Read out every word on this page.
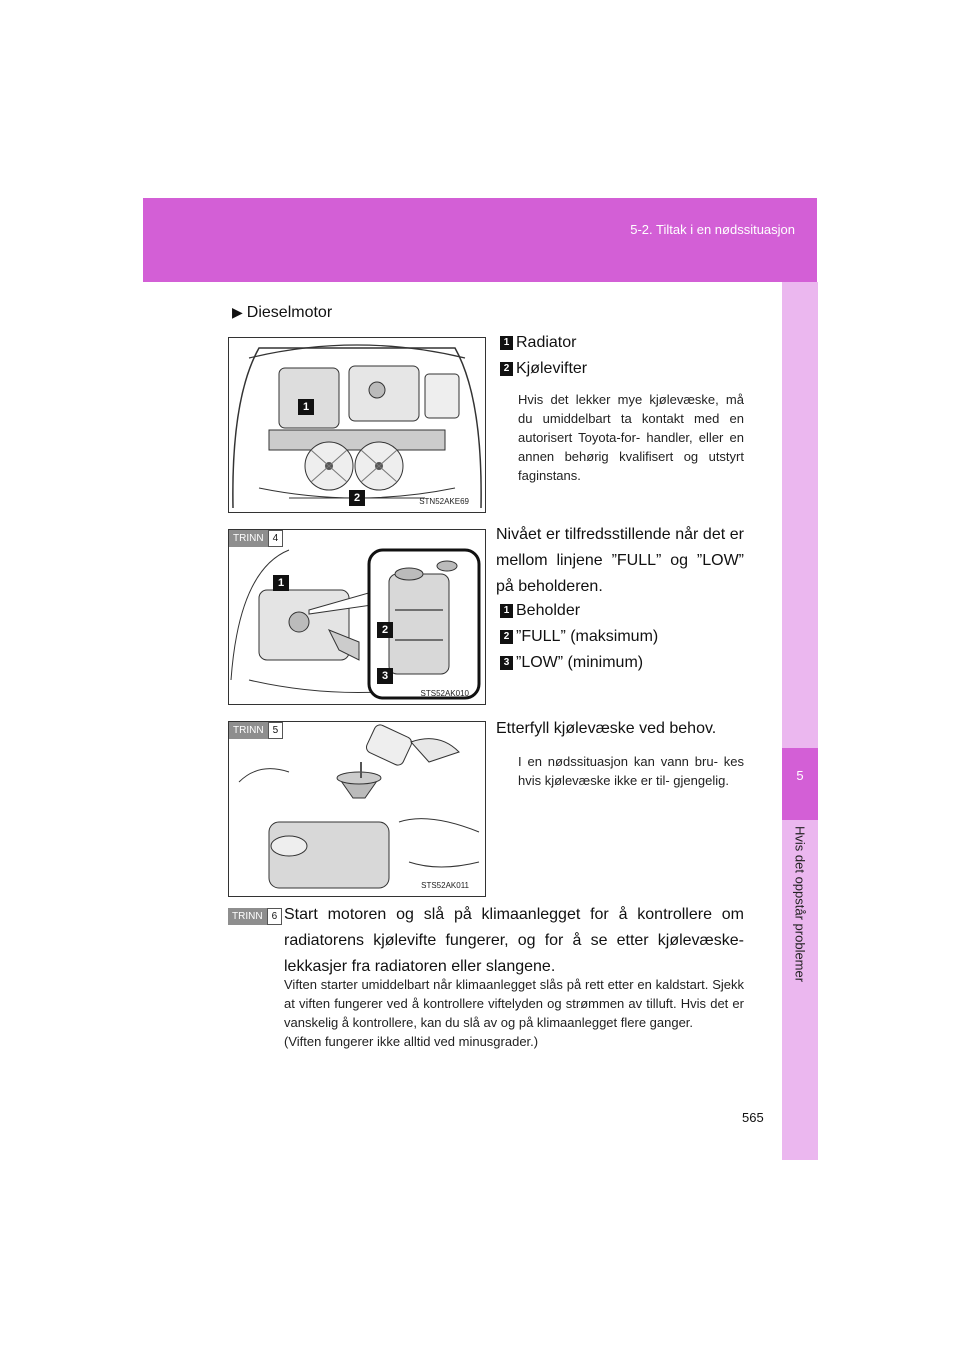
5-2. Tiltak i en nødssituasjon
5
Hvis det oppstår problemer
▶ Dieselmotor
1
2	STN52AKE69
1 Radiator
2 Kjølevifter
Hvis det lekker mye kjølevæske, må du umiddelbart ta kontakt med en autorisert Toyota-for- handler, eller en annen behørig kvalifisert og utstyrt faginstans.
TRINN 4
1
2
3
STS52AK010
Nivået er tilfredsstillende når det er mellom linjene ”FULL” og ”LOW” på beholderen.
1 Beholder
2 ”FULL” (maksimum)
3 ”LOW” (minimum)
TRINN 5
STS52AK011
Etterfyll kjølevæske ved behov.
I en nødssituasjon kan vann bru- kes hvis kjølevæske ikke er til- gjengelig.
TRINN 6 Start motoren og slå på klimaanlegget for å kontrollere om radiatorens kjølevifte fungerer, og for å se etter kjølevæske- lekkasjer fra radiatoren eller slangene.
Viften starter umiddelbart når klimaanlegget slås på rett etter en kaldstart. Sjekk at viften fungerer ved å kontrollere viftelyden og strømmen av tilluft. Hvis det er vanskelig å kontrollere, kan du slå av og på klimaanlegget flere ganger.
(Viften fungerer ikke alltid ved minusgrader.)
565
